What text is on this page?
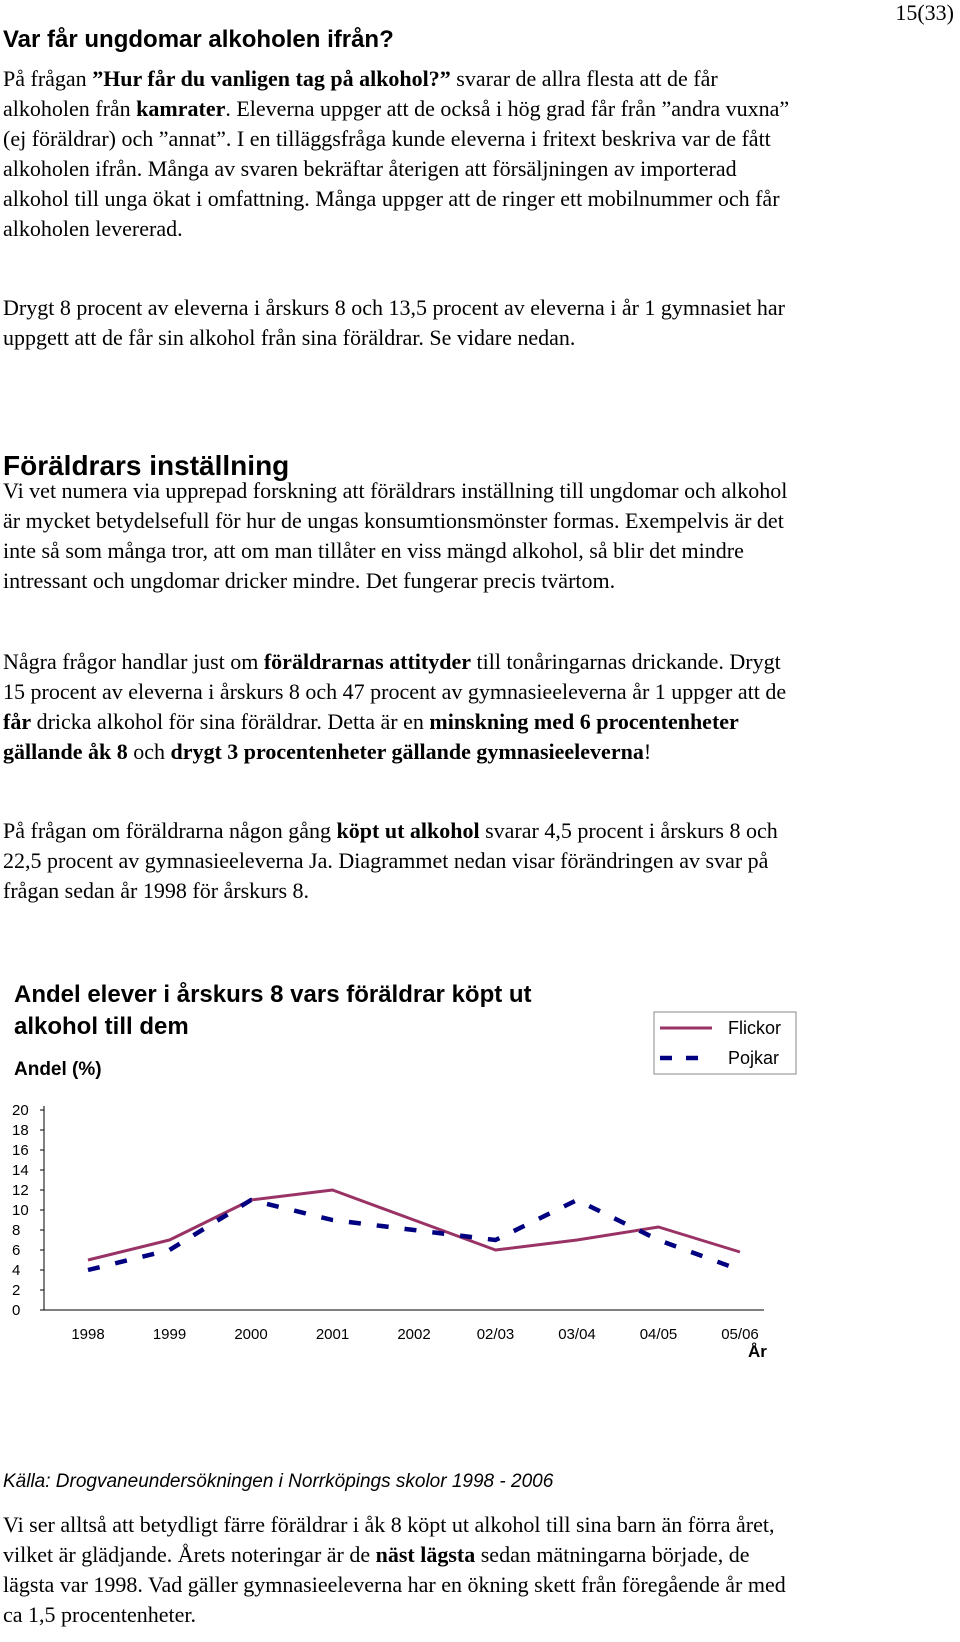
15(33)
Var får ungdomar alkoholen ifrån?

På frågan ”Hur får du vanligen tag på alkohol?” svarar de allra flesta att de får alkoholen från kamrater. Eleverna uppger att de också i hög grad får från ”andra vuxna” (ej föräldrar) och ”annat”. I en tilläggsfråga kunde eleverna i fritext beskriva var de fått alkoholen ifrån. Många av svaren bekräftar återigen att försäljningen av importerad alkohol till unga ökat i omfattning. Många uppger att de ringer ett mobilnummer och får alkoholen levererad.

Drygt 8 procent av eleverna i årskurs 8 och 13,5 procent av eleverna i år 1 gymnasiet har uppgett att de får sin alkohol från sina föräldrar. Se vidare nedan.

Föräldrars inställning

Vi vet numera via upprepad forskning att föräldrars inställning till ungdomar och alkohol är mycket betydelsefull för hur de ungas konsumtionsmönster formas. Exempelvis är det inte så som många tror, att om man tillåter en viss mängd alkohol, så blir det mindre intressant och ungdomar dricker mindre. Det fungerar precis tvärtom.

Några frågor handlar just om föräldrarnas attityder till tonåringarnas drickande. Drygt 15 procent av eleverna i årskurs 8 och 47 procent av gymnasieeleverna år 1 uppger att de får dricka alkohol för sina föräldrar. Detta är en minskning med 6 procentenheter gällande åk 8 och drygt 3 procentenheter gällande gymnasieeleverna!

På frågan om föräldrarna någon gång köpt ut alkohol svarar 4,5 procent i årskurs 8 och 22,5 procent av gymnasieeleverna Ja. Diagrammet nedan visar förändringen av svar på frågan sedan år 1998 för årskurs 8.

Andel elever i årskurs 8 vars föräldrar köpt ut
alkohol till dem
Andel (%)
0
2
4
6
8
10
12
14
16
18
20
1998	1999	2000	2001	2002	02/03	03/04	04/05	05/06
År
Flickor
Pojkar
Källa: Drogvaneundersökningen i Norrköpings skolor 1998 - 2006

Vi ser alltså att betydligt färre föräldrar i åk 8 köpt ut alkohol till sina barn än förra året, vilket är glädjande. Årets noteringar är de näst lägsta sedan mätningarna började, de lägsta var 1998. Vad gäller gymnasieeleverna har en ökning skett från föregående år med ca 1,5 procentenheter.
